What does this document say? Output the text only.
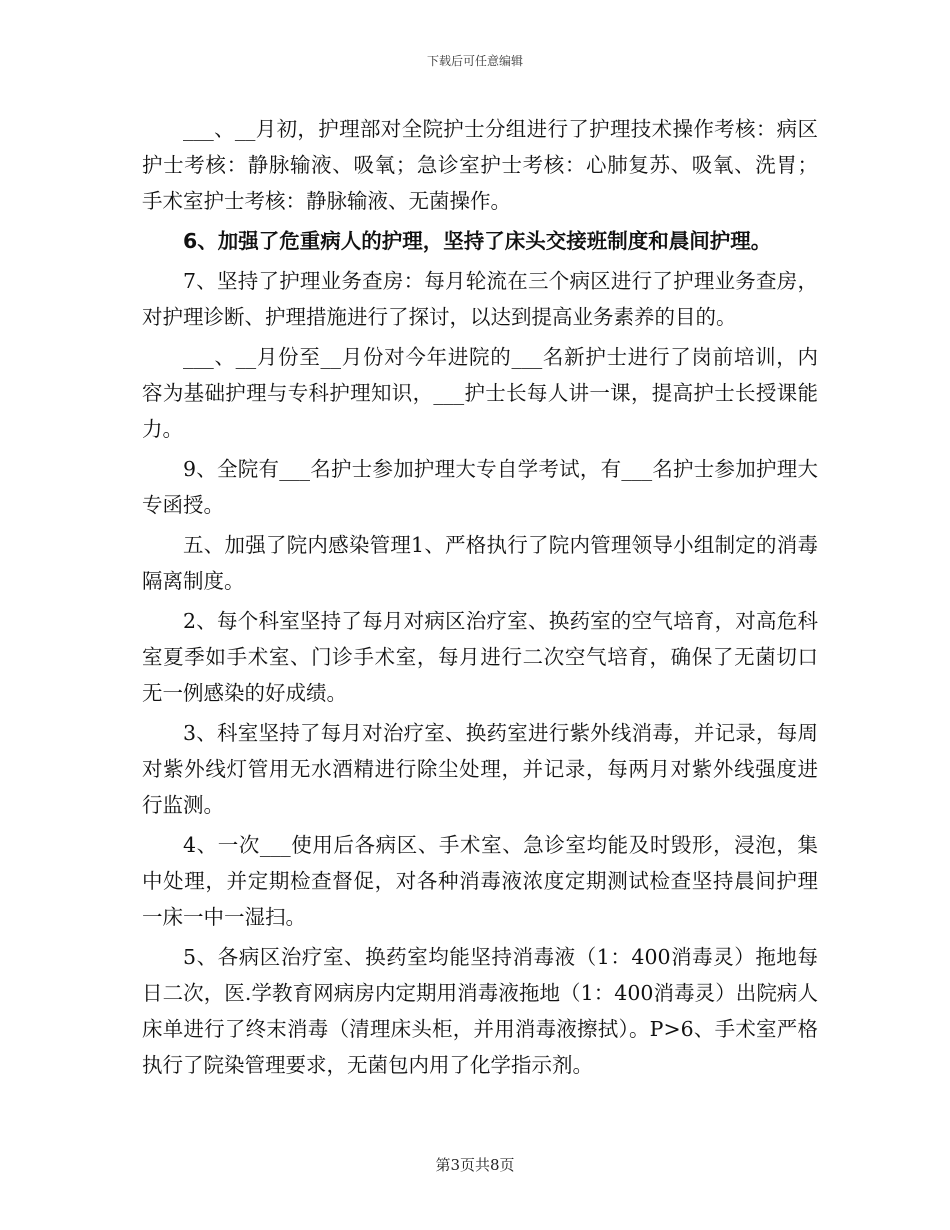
下载后可任意编辑

___、__月初，护理部对全院护士分组进行了护理技术操作考核：病区护士考核：静脉输液、吸氧；急诊室护士考核：心肺复苏、吸氧、洗胃；手术室护士考核：静脉输液、无菌操作。

6、加强了危重病人的护理，坚持了床头交接班制度和晨间护理。

7、坚持了护理业务查房：每月轮流在三个病区进行了护理业务查房，对护理诊断、护理措施进行了探讨，以达到提高业务素养的目的。

___、__月份至__月份对今年进院的___名新护士进行了岗前培训，内容为基础护理与专科护理知识，___护士长每人讲一课，提高护士长授课能力。

9、全院有___名护士参加护理大专自学考试，有___名护士参加护理大专函授。

五、加强了院内感染管理1、严格执行了院内管理领导小组制定的消毒隔离制度。

2、每个科室坚持了每月对病区治疗室、换药室的空气培育，对高危科室夏季如手术室、门诊手术室，每月进行二次空气培育，确保了无菌切口无一例感染的好成绩。

3、科室坚持了每月对治疗室、换药室进行紫外线消毒，并记录，每周对紫外线灯管用无水酒精进行除尘处理，并记录，每两月对紫外线强度进行监测。

4、一次___使用后各病区、手术室、急诊室均能及时毁形，浸泡，集中处理，并定期检查督促，对各种消毒液浓度定期测试检查坚持晨间护理一床一中一湿扫。

5、各病区治疗室、换药室均能坚持消毒液（1：400消毒灵）拖地每日二次，医.学教育网病房内定期用消毒液拖地（1：400消毒灵）出院病人床单进行了终末消毒（清理床头柜，并用消毒液擦拭）。P>6、手术室严格执行了院染管理要求，无菌包内用了化学指示剂。

第3页共8页
